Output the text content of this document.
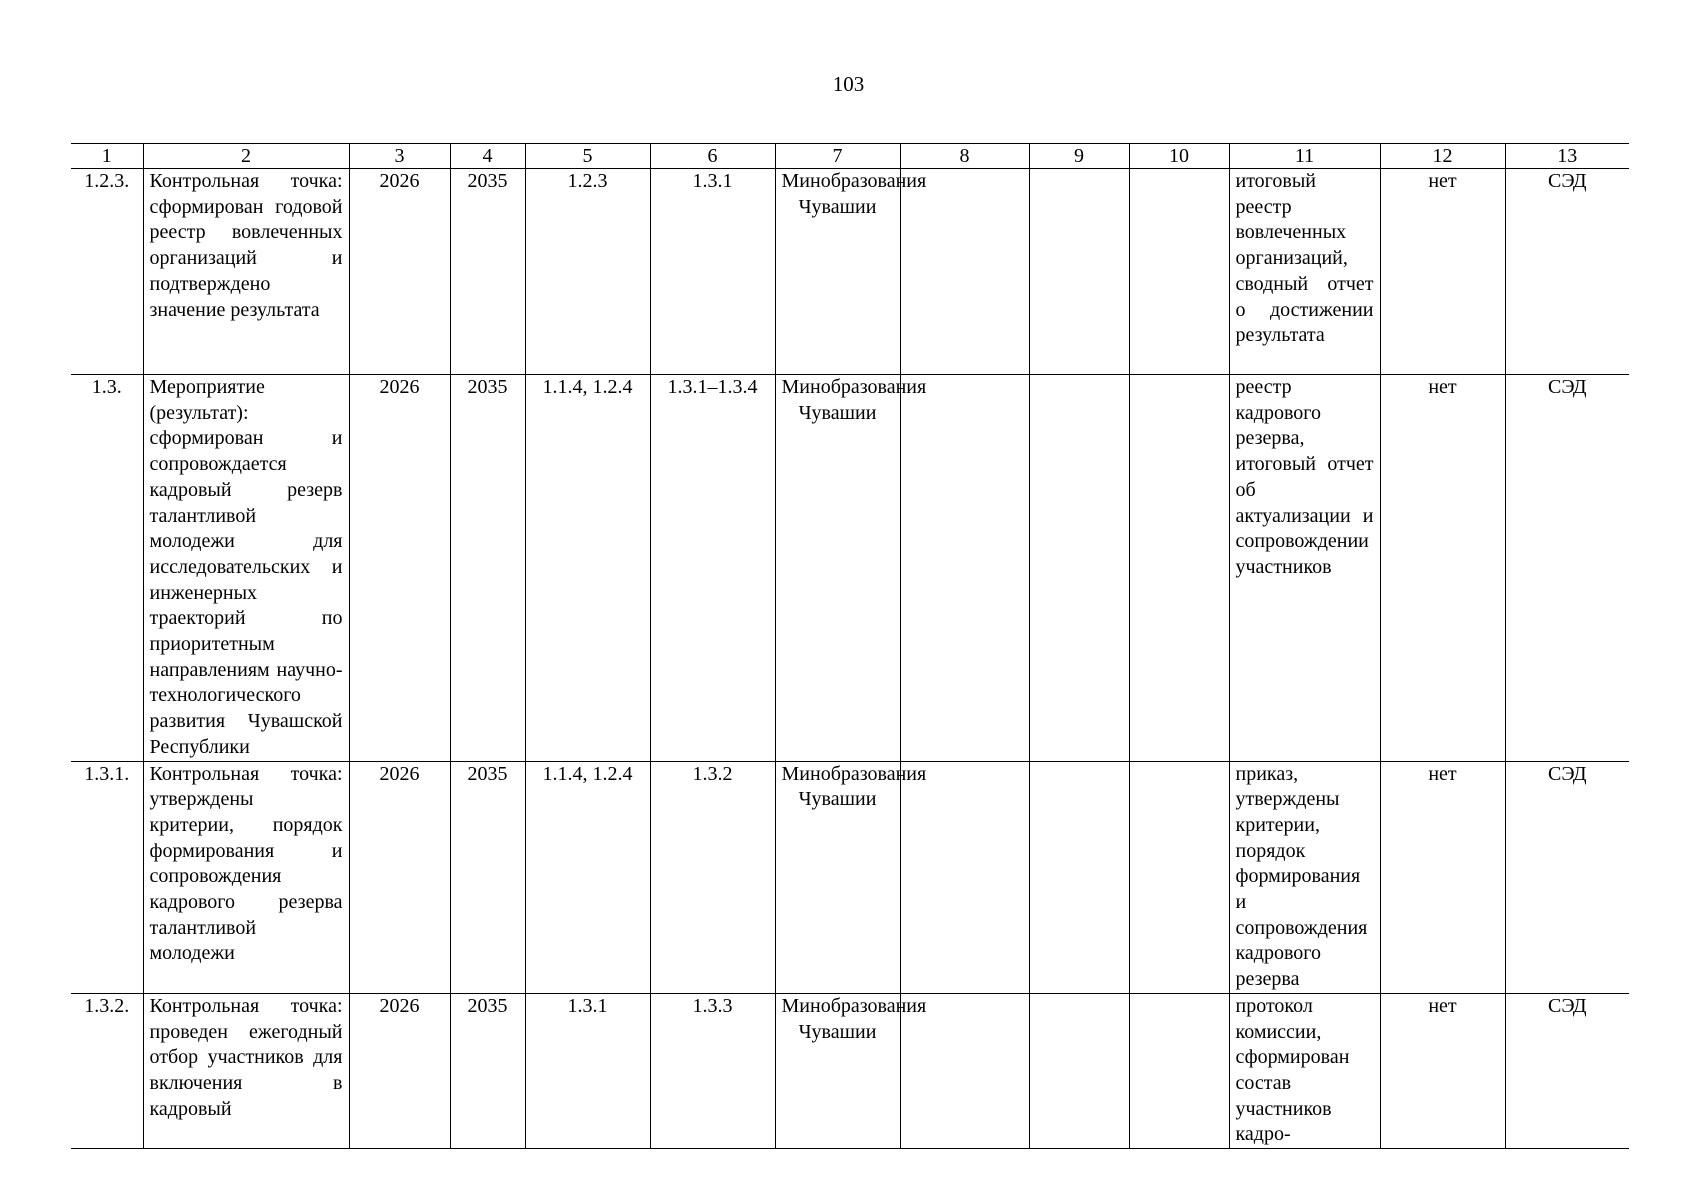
103
1	2	3	4	5	6	7	8	9	10	11	12	13
1.2.3.	Контрольная точка: сформирован годовой реестр вовлеченных организаций и подтверждено значение результата	2026	2035	1.2.3	1.3.1	Минобразования Чувашии				итоговый реестр вовлеченных организаций, сводный отчет о достижении результата	нет	СЭД
1.3.	Мероприятие (результат): сформирован и сопровождается кадровый резерв талантливой молодежи для исследовательских и инженерных траекторий по приоритетным направлениям научно-технологического развития Чувашской Республики	2026	2035	1.1.4, 1.2.4	1.3.1–1.3.4	Минобразования Чувашии				реестр кадрового резерва, итоговый отчет об актуализации и сопровождении участников	нет	СЭД
1.3.1.	Контрольная точка: утверждены критерии, порядок формирования и сопровождения кадрового резерва талантливой молодежи	2026	2035	1.1.4, 1.2.4	1.3.2	Минобразования Чувашии				приказ, утверждены критерии, порядок формирования и сопровождения кадрового резерва	нет	СЭД
1.3.2.	Контрольная точка: проведен ежегодный отбор участников для включения в кадровый	2026	2035	1.3.1	1.3.3	Минобразования Чувашии				протокол комиссии, сформирован состав участников кадро-	нет	СЭД
